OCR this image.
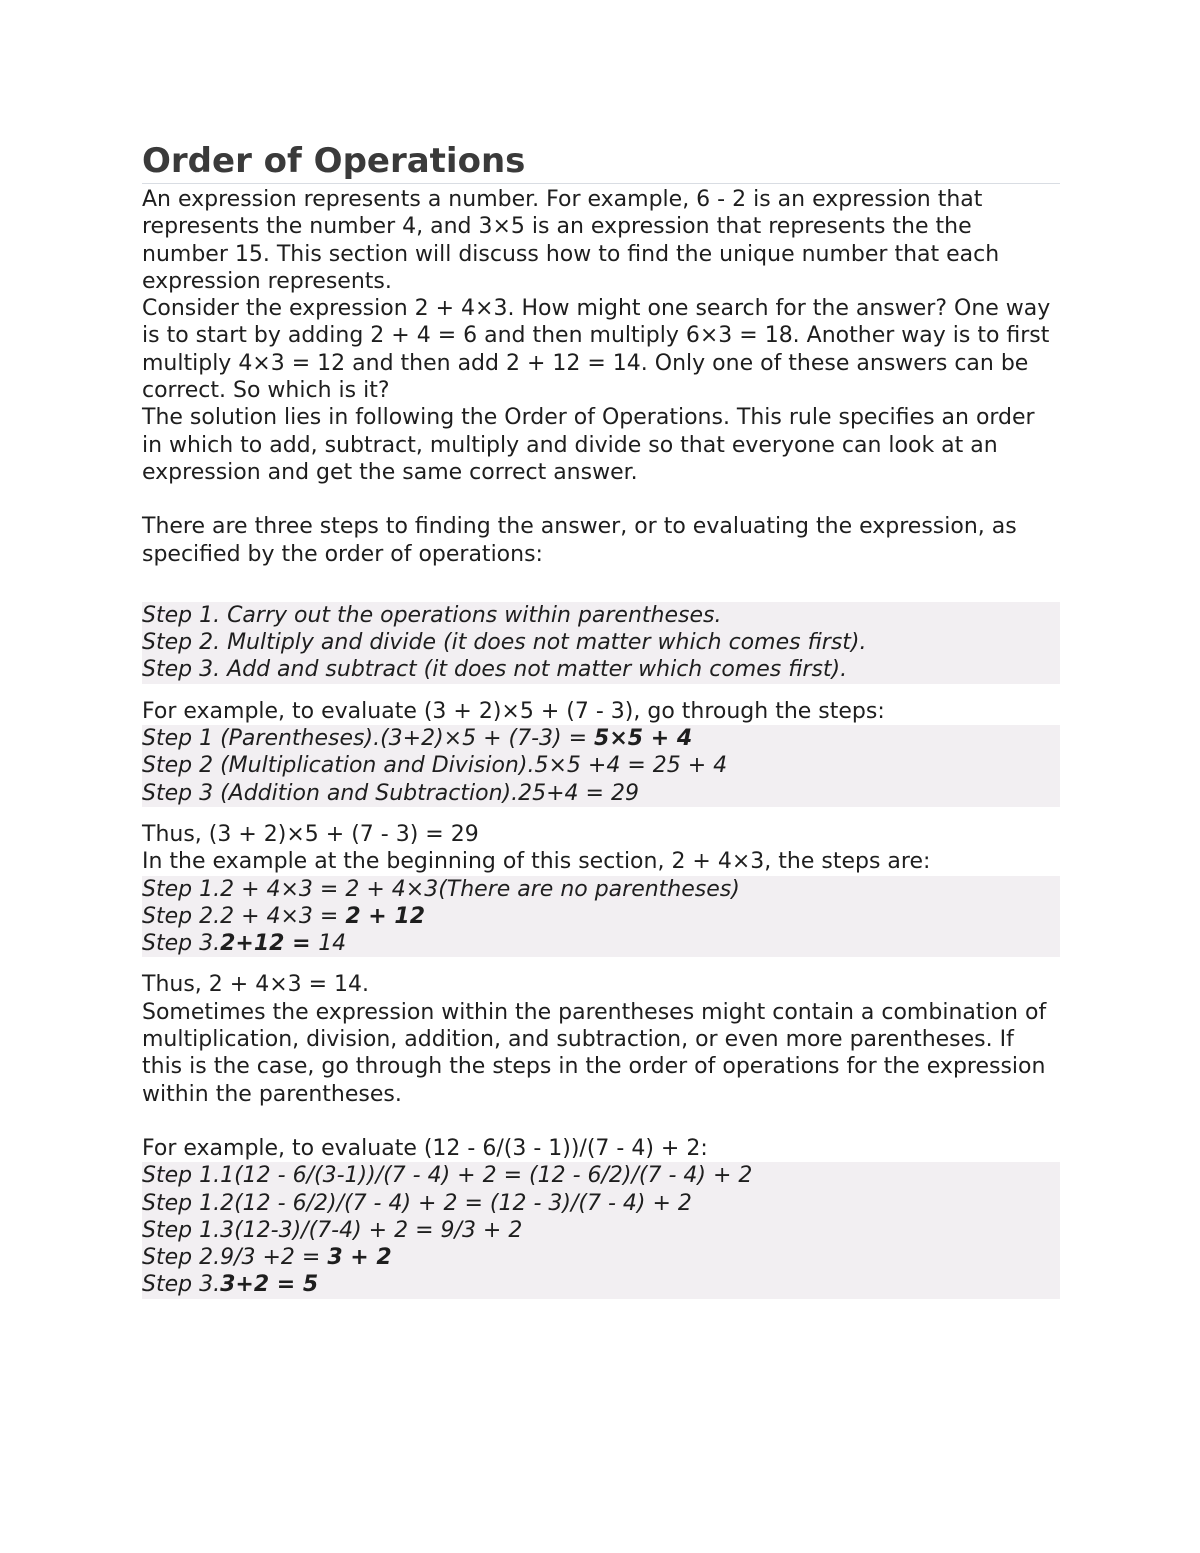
Order of Operations

An expression represents a number. For example, 6 - 2 is an expression that represents the number 4, and 3×5 is an expression that represents the the number 15. This section will discuss how to find the unique number that each expression represents.

Consider the expression 2 + 4×3. How might one search for the answer? One way is to start by adding 2 + 4 = 6 and then multiply 6×3 = 18. Another way is to first multiply 4×3 = 12 and then add 2 + 12 = 14. Only one of these answers can be correct. So which is it?

The solution lies in following the Order of Operations. This rule specifies an order in which to add, subtract, multiply and divide so that everyone can look at an expression and get the same correct answer.

There are three steps to finding the answer, or to evaluating the expression, as specified by the order of operations:

Step 1. Carry out the operations within parentheses.

Step 2. Multiply and divide (it does not matter which comes first).

Step 3. Add and subtract (it does not matter which comes first).

For example, to evaluate (3 + 2)×5 + (7 - 3), go through the steps:

Step 1 (Parentheses).(3+2)×5 + (7-3) = 5×5 + 4

Step 2 (Multiplication and Division).5×5 +4 = 25 + 4

Step 3 (Addition and Subtraction).25+4 = 29

Thus, (3 + 2)×5 + (7 - 3) = 29

In the example at the beginning of this section, 2 + 4×3, the steps are:

Step 1.2 + 4×3 = 2 + 4×3(There are no parentheses)

Step 2.2 + 4×3 = 2 + 12

Step 3.2+12 = 14

Thus, 2 + 4×3 = 14.

Sometimes the expression within the parentheses might contain a combination of multiplication, division, addition, and subtraction, or even more parentheses. If this is the case, go through the steps in the order of operations for the expression within the parentheses.

For example, to evaluate (12 - 6/(3 - 1))/(7 - 4) + 2:

Step 1.1(12 - 6/(3-1))/(7 - 4) + 2 = (12 - 6/2)/(7 - 4) + 2

Step 1.2(12 - 6/2)/(7 - 4) + 2 = (12 - 3)/(7 - 4) + 2

Step 1.3(12-3)/(7-4) + 2 = 9/3 + 2

Step 2.9/3 +2 = 3 + 2

Step 3.3+2 = 5
